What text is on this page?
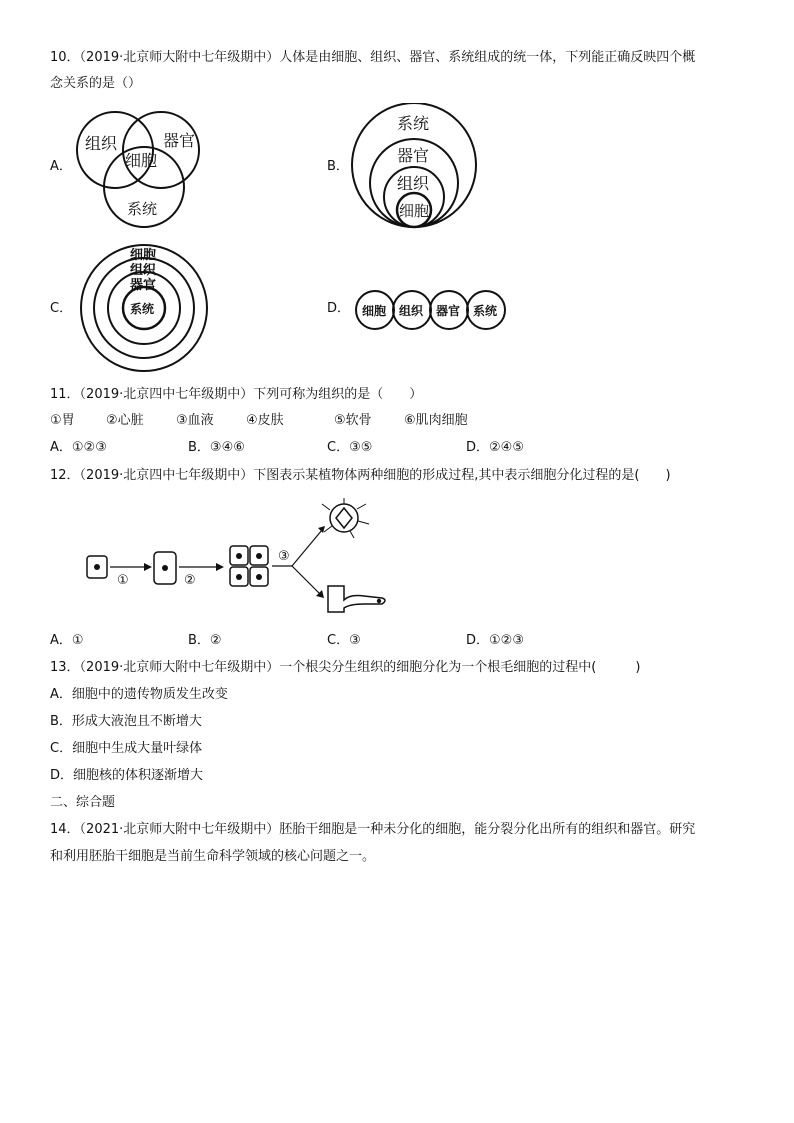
10．（2019·北京师大附中七年级期中）人体是由细胞、组织、器官、系统组成的统一体，下列能正确反映四个概
念关系的是（）
A．
组织	器官
细胞
系统
B．
系统
器官
组织
细胞
C．
细胞
组织
器官
系统	D． 细胞 组织 器官 系统
11．（2019·北京四中七年级期中）下列可称为组织的是（　　）
①胃 ②心脏 ③血液 ④皮肤	⑤软骨 ⑥肌肉细胞
A．①②③	B．③④⑥	C．③⑤	D．②④⑤
12．（2019·北京四中七年级期中）下图表示某植物体两种细胞的形成过程,其中表示细胞分化过程的是(　　)
①	②
③
A．①	B．②	C．③	D．①②③
13．（2019·北京师大附中七年级期中）一个根尖分生组织的细胞分化为一个根毛细胞的过程中(　　　)
A．细胞中的遗传物质发生改变
B．形成大液泡且不断增大
C．细胞中生成大量叶绿体
D．细胞核的体积逐渐增大
二、综合题
14．（2021·北京师大附中七年级期中）胚胎干细胞是一种未分化的细胞，能分裂分化出所有的组织和器官。研究
和利用胚胎干细胞是当前生命科学领域的核心问题之一。
